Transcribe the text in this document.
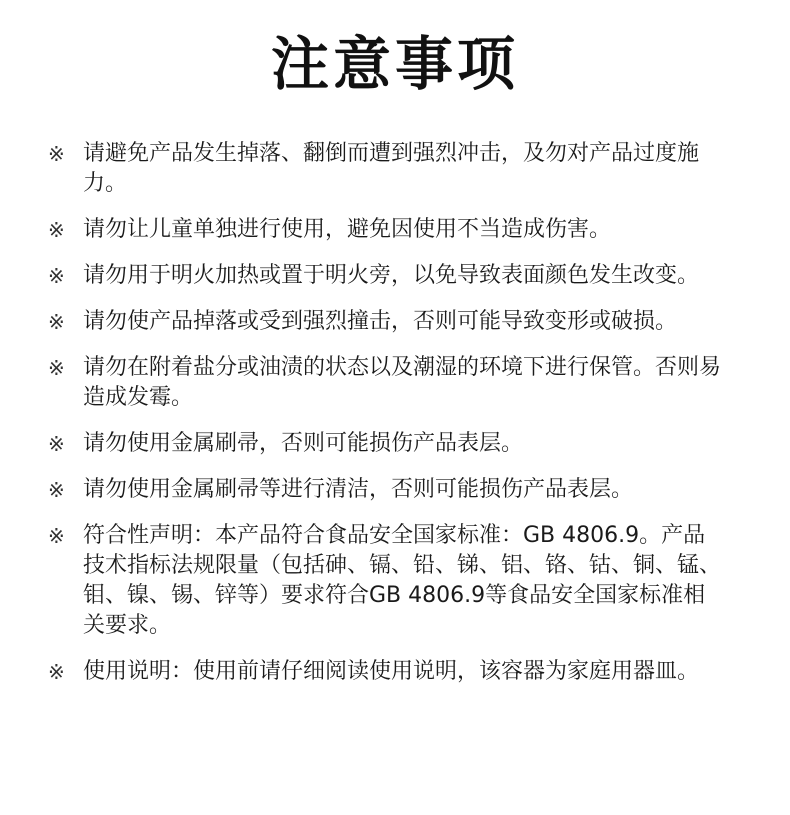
注意事项
※ 请避免产品发生掉落、翻倒而遭到强烈冲击，及勿对产品过度施力。
※ 请勿让儿童单独进行使用，避免因使用不当造成伤害。
※ 请勿用于明火加热或置于明火旁，以免导致表面颜色发生改变。
※ 请勿使产品掉落或受到强烈撞击，否则可能导致变形或破损。
※ 请勿在附着盐分或油渍的状态以及潮湿的环境下进行保管。否则易造成发霉。
※ 请勿使用金属刷帚，否则可能损伤产品表层。
※ 请勿使用金属刷帚等进行清洁，否则可能损伤产品表层。
※ 符合性声明：本产品符合食品安全国家标准：GB 4806.9。产品技术指标法规限量（包括砷、镉、铅、锑、铝、铬、钴、铜、锰、钼、镍、锡、锌等）要求符合GB 4806.9等食品安全国家标准相关要求。
※ 使用说明：使用前请仔细阅读使用说明，该容器为家庭用器皿。
